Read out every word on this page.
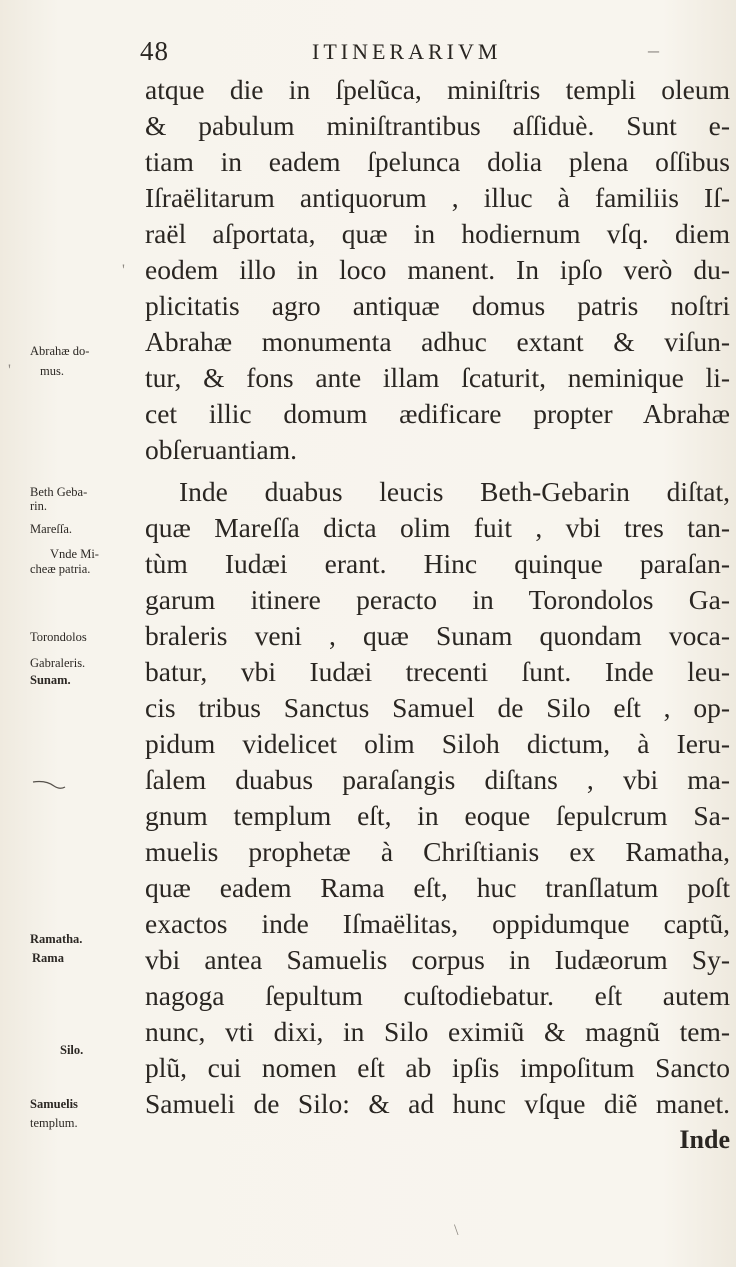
48	ITINERARIVM	–
atque die in ſpelũca, miniſtris templi oleum
& pabulum miniſtrantibus aſſiduè. Sunt e-
tiam in eadem ſpelunca dolia plena oſſibus
Iſraëlitarum antiquorum , illuc à familiis Iſ-
raël aſportata, quæ in hodiernum vſq. diem
eodem illo in loco manent. In ipſo verò du-
plicitatis agro antiquæ domus patris noſtri
Abrahæ monumenta adhuc extant & viſun-
tur, & fons ante illam ſcaturit, neminique li-
cet illic domum ædificare propter Abrahæ
obſeruantiam.
Inde duabus leucis Beth-Gebarin diſtat,
quæ Mareſſa dicta olim fuit , vbi tres tan-
tùm Iudæi erant. Hinc quinque paraſan-
garum itinere peracto in Torondolos Ga-
braleris veni , quæ Sunam quondam voca-
batur, vbi Iudæi trecenti ſunt. Inde leu-
cis tribus Sanctus Samuel de Silo eſt , op-
pidum videlicet olim Siloh dictum, à Ieru-
ſalem duabus paraſangis diſtans , vbi ma-
gnum templum eſt, in eoque ſepulcrum Sa-
muelis prophetæ à Chriſtianis ex Ramatha,
quæ eadem Rama eſt, huc tranſlatum poſt
exactos inde Iſmaëlitas, oppidumque captũ,
vbi antea Samuelis corpus in Iudæorum Sy-
nagoga ſepultum cuſtodiebatur. eſt autem
nunc, vti dixi, in Silo eximiũ & magnũ tem-
plũ, cui nomen eſt ab ipſis impoſitum Sancto
Samueli de Silo: & ad hunc vſque diẽ manet.
Inde
Abrahæ do-
mus.
Beth Geba-
rin.
Mareſſa.
Vnde Mi-
cheæ patria.
Torondolos
Gabraleris.
Sunam.
Ramatha.
Rama
Silo.
Samuelis
templum.
'
'
\
